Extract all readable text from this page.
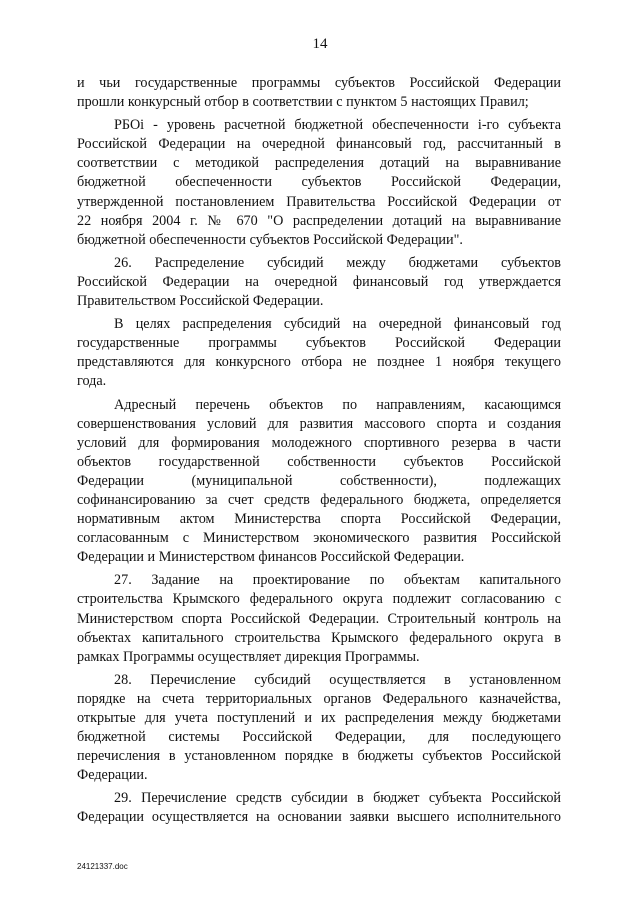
14
и чьи государственные программы субъектов Российской Федерации
прошли конкурсный отбор в соответствии с пунктом 5 настоящих Правил;
РБОi - уровень расчетной бюджетной обеспеченности i-го субъекта
Российской Федерации на очередной финансовый год, рассчитанный в
соответствии с методикой распределения дотаций на выравнивание
бюджетной обеспеченности субъектов Российской Федерации,
утвержденной постановлением Правительства Российской Федерации от
22 ноября 2004 г. № 670 "О распределении дотаций на выравнивание
бюджетной обеспеченности субъектов Российской Федерации".
26. Распределение субсидий между бюджетами субъектов
Российской Федерации на очередной финансовый год утверждается
Правительством Российской Федерации.
В целях распределения субсидий на очередной финансовый год
государственные программы субъектов Российской Федерации
представляются для конкурсного отбора не позднее 1 ноября текущего
года.
Адресный перечень объектов по направлениям, касающимся
совершенствования условий для развития массового спорта и создания
условий для формирования молодежного спортивного резерва в части
объектов государственной собственности субъектов Российской
Федерации (муниципальной собственности), подлежащих
софинансированию за счет средств федерального бюджета, определяется
нормативным актом Министерства спорта Российской Федерации,
согласованным с Министерством экономического развития Российской
Федерации и Министерством финансов Российской Федерации.
27. Задание на проектирование по объектам капитального
строительства Крымского федерального округа подлежит согласованию с
Министерством спорта Российской Федерации. Строительный контроль на
объектах капитального строительства Крымского федерального округа в
рамках Программы осуществляет дирекция Программы.
28. Перечисление субсидий осуществляется в установленном
порядке на счета территориальных органов Федерального казначейства,
открытые для учета поступлений и их распределения между бюджетами
бюджетной системы Российской Федерации, для последующего
перечисления в установленном порядке в бюджеты субъектов Российской
Федерации.
29. Перечисление средств субсидии в бюджет субъекта Российской
Федерации осуществляется на основании заявки высшего исполнительного
24121337.doc
